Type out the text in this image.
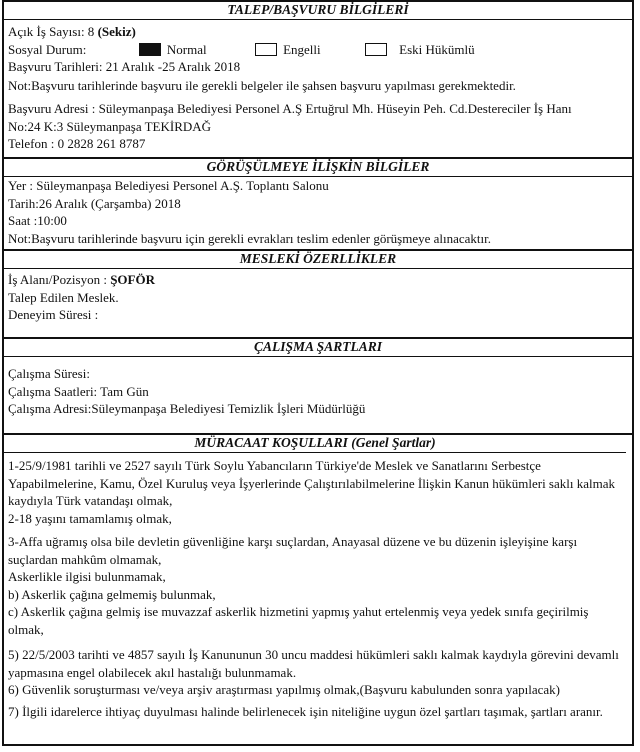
TALEP/BAŞVURU BİLGİLERİ
Açık İş Sayısı: 8 (Sekiz)
Sosyal Durum:	Normal	Engelli	Eski Hükümlü
Başvuru Tarihleri: 21 Aralık -25 Aralık 2018
Not:Başvuru tarihlerinde başvuru ile gerekli belgeler ile şahsen başvuru yapılması gerekmektedir.
Başvuru Adresi : Süleymanpaşa Belediyesi Personel A.Ş Ertuğrul Mh. Hüseyin Peh. Cd.Destereciler İş Hanı
No:24 K:3 Süleymanpaşa TEKİRDAĞ
Telefon : 0 2828 261 8787
GÖRÜŞÜLMEYE İLİŞKİN BİLGİLER
Yer : Süleymanpaşa Belediyesi Personel A.Ş. Toplantı Salonu
Tarih:26 Aralık (Çarşamba) 2018
Saat :10:00
Not:Başvuru tarihlerinde başvuru için gerekli evrakları teslim edenler görüşmeye alınacaktır.
MESLEKİ ÖZERLLİKLER
İş Alanı/Pozisyon : ŞOFÖR
Talep Edilen Meslek.
Deneyim Süresi :
ÇALIŞMA ŞARTLARI
Çalışma Süresi:
Çalışma Saatleri: Tam Gün
Çalışma Adresi:Süleymanpaşa Belediyesi Temizlik İşleri Müdürlüğü
MÜRACAAT KOŞULLARI (Genel Şartlar)
1-25/9/1981 tarihli ve 2527 sayılı Türk Soylu Yabancıların Türkiye'de Meslek ve Sanatlarını Serbestçe Yapabilmelerine, Kamu, Özel Kuruluş veya İşyerlerinde Çalıştırılabilmelerine İlişkin Kanun hükümleri saklı kalmak kaydıyla Türk vatandaşı olmak,
2-18 yaşını tamamlamış olmak,
3-Affa uğramış olsa bile devletin güvenliğine karşı suçlardan, Anayasal düzene ve bu düzenin işleyişine karşı suçlardan mahkûm olmamak,
Askerlikle ilgisi bulunmamak,
b) Askerlik çağına gelmemiş bulunmak,
c) Askerlik çağına gelmiş ise muvazzaf askerlik hizmetini yapmış yahut ertelenmiş veya yedek sınıfa geçirilmiş olmak,
5) 22/5/2003 tarihti ve 4857 sayılı İş Kanununun 30 uncu maddesi hükümleri saklı kalmak kaydıyla görevini devamlı yapmasına engel olabilecek akıl hastalığı bulunmamak.
6) Güvenlik soruşturması ve/veya arşiv araştırması yapılmış olmak,(Başvuru kabulunden sonra yapılacak)
7) İlgili idarelerce ihtiyaç duyulması halinde belirlenecek işin niteliğine uygun özel şartları taşımak, şartları aranır.
